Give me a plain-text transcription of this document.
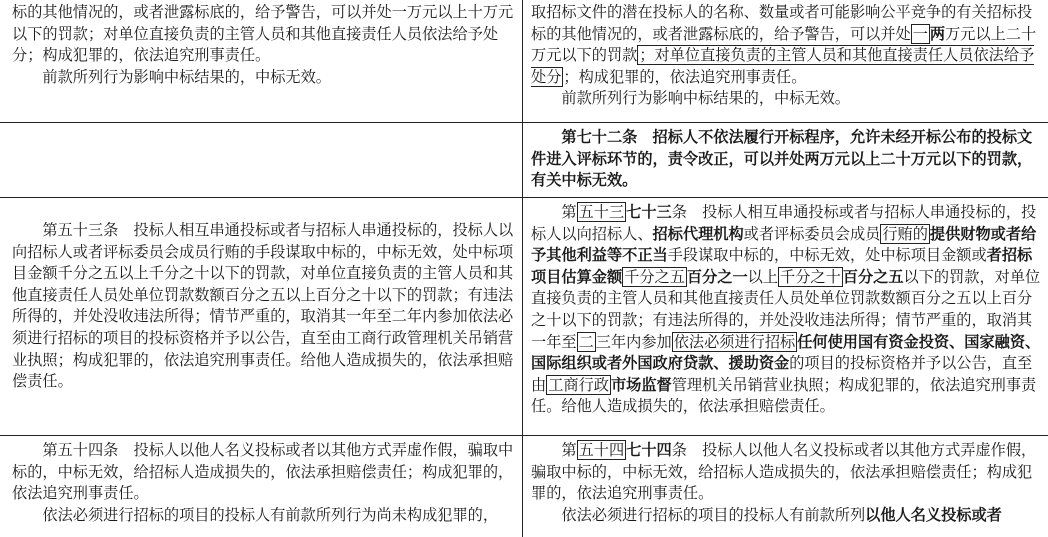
标的其他情况的，或者泄露标底的，给予警告，可以并处一万元以上十万元以下的罚款；对单位直接负责的主管人员和其他直接责任人员依法给予处分；构成犯罪的，依法追究刑事责任。

前款所列行为影响中标结果的，中标无效。

取招标文件的潜在投标人的名称、数量或者可能影响公平竞争的有关招标投标的其他情况的，或者泄露标底的，给予警告，可以并处 一 两万元以上二十万元以下的罚款 ；对单位直接负责的主管人员和其他直接责任人员依法给予处分 ；构成犯罪的，依法追究刑事责任。

前款所列行为影响中标结果的，中标无效。

第七十二条　 招标人不依法履行开标程序，允许未经开标公布的投标文件进入评标环节的，责令改正，可以并处两万元以上二十万元以下的罚款，有关中标无效。

第五十三条　投标人相互串通投标或者与招标人串通投标的，投标人以向招标人或者评标委员会成员行贿的手段谋取中标的，中标无效，处中标项目金额千分之五以上千分之十以下的罚款，对单位直接负责的主管人员和其他直接责任人员处单位罚款数额百分之五以上百分之十以下的罚款；有违法所得的，并处没收违法所得；情节严重的，取消其一年至二年内参加依法必须进行招标的项目的投标资格并予以公告，直至由工商行政管理机关吊销营业执照；构成犯罪的，依法追究刑事责任。给他人造成损失的，依法承担赔偿责任。

第 五十三 七十三条　投标人相互串通投标或者与招标人串通投标的，投标人以向招标人、招标代理机构或者评标委员会成员 行贿的 提供财物或者给予其他利益等不正当手段谋取中标的，中标无效，处中标项目金额或者招标项目估算金额 千分之五 百分之一以上 千分之十 百分之五以下的罚款，对单位直接负责的主管人员和其他直接责任人员处单位罚款数额百分之五以上百分之十以下的罚款；有违法所得的，并处没收违法所得；情节严重的，取消其一年至 二 三年内参加 依法必须进行招标 任何使用国有资金投资、国家融资、国际组织或者外国政府贷款、援助资金的项目的投标资格并予以公告，直至由 工商行政 市场监督管理机关吊销营业执照；构成犯罪的，依法追究刑事责任。给他人造成损失的，依法承担赔偿责任。

第五十四条　投标人以他人名义投标或者以其他方式弄虚作假，骗取中标的，中标无效，给招标人造成损失的，依法承担赔偿责任；构成犯罪的，依法追究刑事责任。

依法必须进行招标的项目的投标人有前款所列行为尚未构成犯罪的，

第 五十四 七十四条　投标人以他人名义投标或者以其他方式弄虚作假，骗取中标的，中标无效，给招标人造成损失的，依法承担赔偿责任；构成犯罪的，依法追究刑事责任。

依法必须进行招标的项目的投标人有前款所列以他人名义投标或者
